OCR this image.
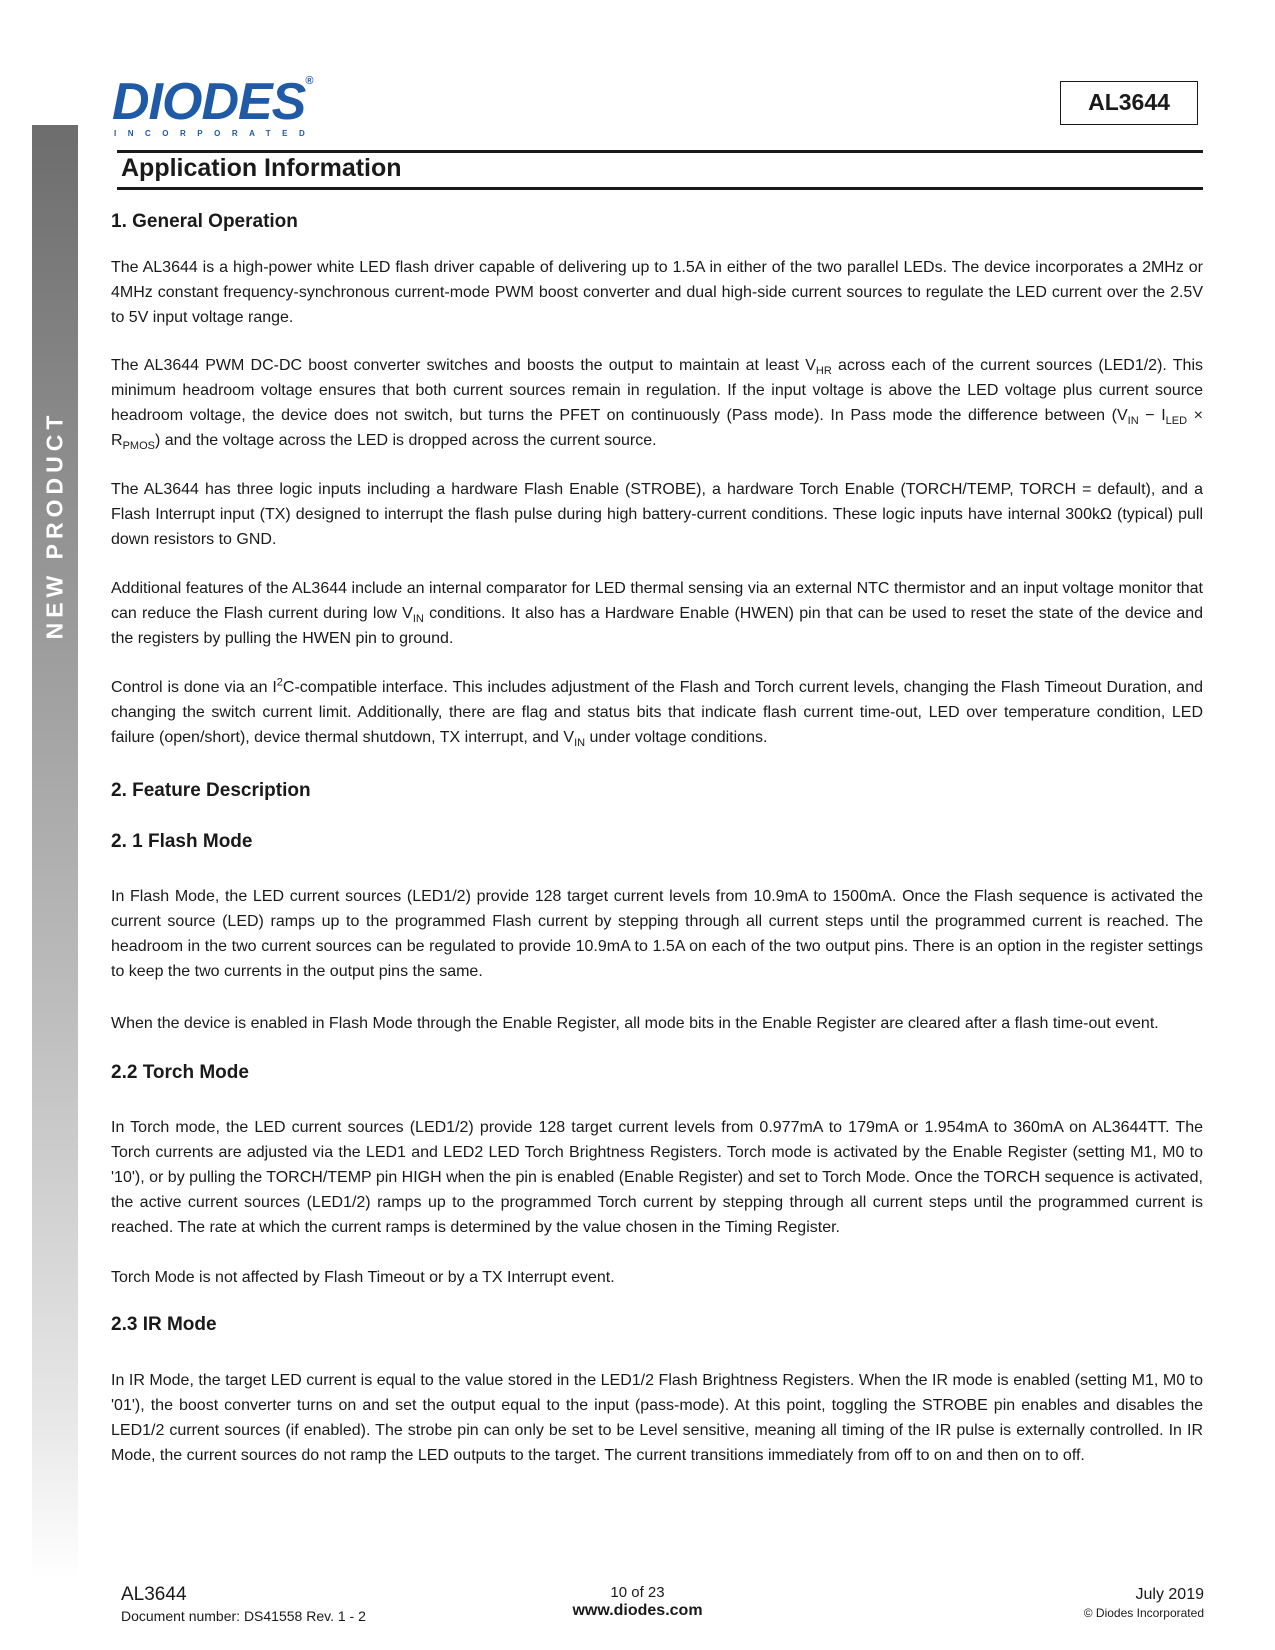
NEW PRODUCT
DIODES®
INCORPORATED
AL3644
Application Information
1. General Operation
The AL3644 is a high-power white LED flash driver capable of delivering up to 1.5A in either of the two parallel LEDs. The device incorporates a 2MHz or 4MHz constant frequency-synchronous current-mode PWM boost converter and dual high-side current sources to regulate the LED current over the 2.5V to 5V input voltage range.
The AL3644 PWM DC-DC boost converter switches and boosts the output to maintain at least $V_{HR}$ across each of the current sources (LED1/2). This minimum headroom voltage ensures that both current sources remain in regulation. If the input voltage is above the LED voltage plus current source headroom voltage, the device does not switch, but turns the PFET on continuously (Pass mode). In Pass mode the difference between $(V_{IN} - I_{LED} \times R_{PMOS})$ and the voltage across the LED is dropped across the current source.
The AL3644 has three logic inputs including a hardware Flash Enable (STROBE), a hardware Torch Enable (TORCH/TEMP, TORCH = default), and a Flash Interrupt input (TX) designed to interrupt the flash pulse during high battery-current conditions. These logic inputs have internal 300kΩ (typical) pull down resistors to GND.
Additional features of the AL3644 include an internal comparator for LED thermal sensing via an external NTC thermistor and an input voltage monitor that can reduce the Flash current during low $V_{IN}$ conditions. It also has a Hardware Enable (HWEN) pin that can be used to reset the state of the device and the registers by pulling the HWEN pin to ground.
Control is done via an $I^2C$-compatible interface. This includes adjustment of the Flash and Torch current levels, changing the Flash Timeout Duration, and changing the switch current limit. Additionally, there are flag and status bits that indicate flash current time-out, LED over temperature condition, LED failure (open/short), device thermal shutdown, TX interrupt, and $V_{IN}$ under voltage conditions.
2. Feature Description
2. 1 Flash Mode
In Flash Mode, the LED current sources (LED1/2) provide 128 target current levels from 10.9mA to 1500mA. Once the Flash sequence is activated the current source (LED) ramps up to the programmed Flash current by stepping through all current steps until the programmed current is reached. The headroom in the two current sources can be regulated to provide 10.9mA to 1.5A on each of the two output pins. There is an option in the register settings to keep the two currents in the output pins the same.
When the device is enabled in Flash Mode through the Enable Register, all mode bits in the Enable Register are cleared after a flash time-out event.
2.2 Torch Mode
In Torch mode, the LED current sources (LED1/2) provide 128 target current levels from 0.977mA to 179mA or 1.954mA to 360mA on AL3644TT. The Torch currents are adjusted via the LED1 and LED2 LED Torch Brightness Registers. Torch mode is activated by the Enable Register (setting M1, M0 to '10'), or by pulling the TORCH/TEMP pin HIGH when the pin is enabled (Enable Register) and set to Torch Mode. Once the TORCH sequence is activated, the active current sources (LED1/2) ramps up to the programmed Torch current by stepping through all current steps until the programmed current is reached. The rate at which the current ramps is determined by the value chosen in the Timing Register.
Torch Mode is not affected by Flash Timeout or by a TX Interrupt event.
2.3 IR Mode
In IR Mode, the target LED current is equal to the value stored in the LED1/2 Flash Brightness Registers. When the IR mode is enabled (setting M1, M0 to '01'), the boost converter turns on and set the output equal to the input (pass-mode). At this point, toggling the STROBE pin enables and disables the LED1/2 current sources (if enabled). The strobe pin can only be set to be Level sensitive, meaning all timing of the IR pulse is externally controlled. In IR Mode, the current sources do not ramp the LED outputs to the target. The current transitions immediately from off to on and then on to off.
AL3644
Document number: DS41558 Rev. 1 - 2
10 of 23
www.diodes.com
July 2019
© Diodes Incorporated
